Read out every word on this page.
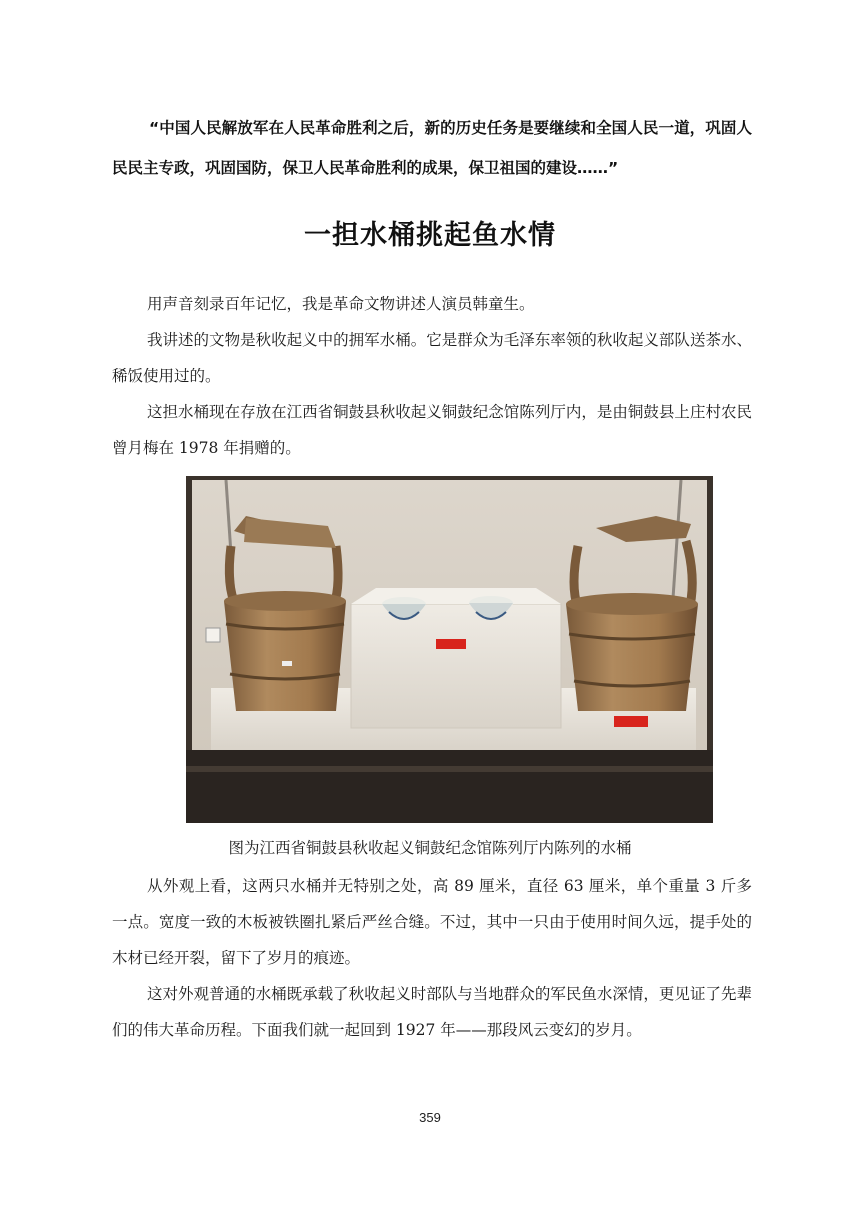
“中国人民解放军在人民革命胜利之后，新的历史任务是要继续和全国人民一道，巩固人民民主专政，巩固国防，保卫人民革命胜利的成果，保卫祖国的建设……”

一担水桶挑起鱼水情

用声音刻录百年记忆，我是革命文物讲述人演员韩童生。

我讲述的文物是秋收起义中的拥军水桶。它是群众为毛泽东率领的秋收起义部队送茶水、稀饭使用过的。

这担水桶现在存放在江西省铜鼓县秋收起义铜鼓纪念馆陈列厅内，是由铜鼓县上庄村农民曾月梅在 1978 年捐赠的。

图为江西省铜鼓县秋收起义铜鼓纪念馆陈列厅内陈列的水桶

从外观上看，这两只水桶并无特别之处，高 89 厘米，直径 63 厘米，单个重量 3 斤多一点。宽度一致的木板被铁圈扎紧后严丝合缝。不过，其中一只由于使用时间久远，提手处的木材已经开裂，留下了岁月的痕迹。

这对外观普通的水桶既承载了秋收起义时部队与当地群众的军民鱼水深情，更见证了先辈们的伟大革命历程。下面我们就一起回到 1927 年——那段风云变幻的岁月。

359
